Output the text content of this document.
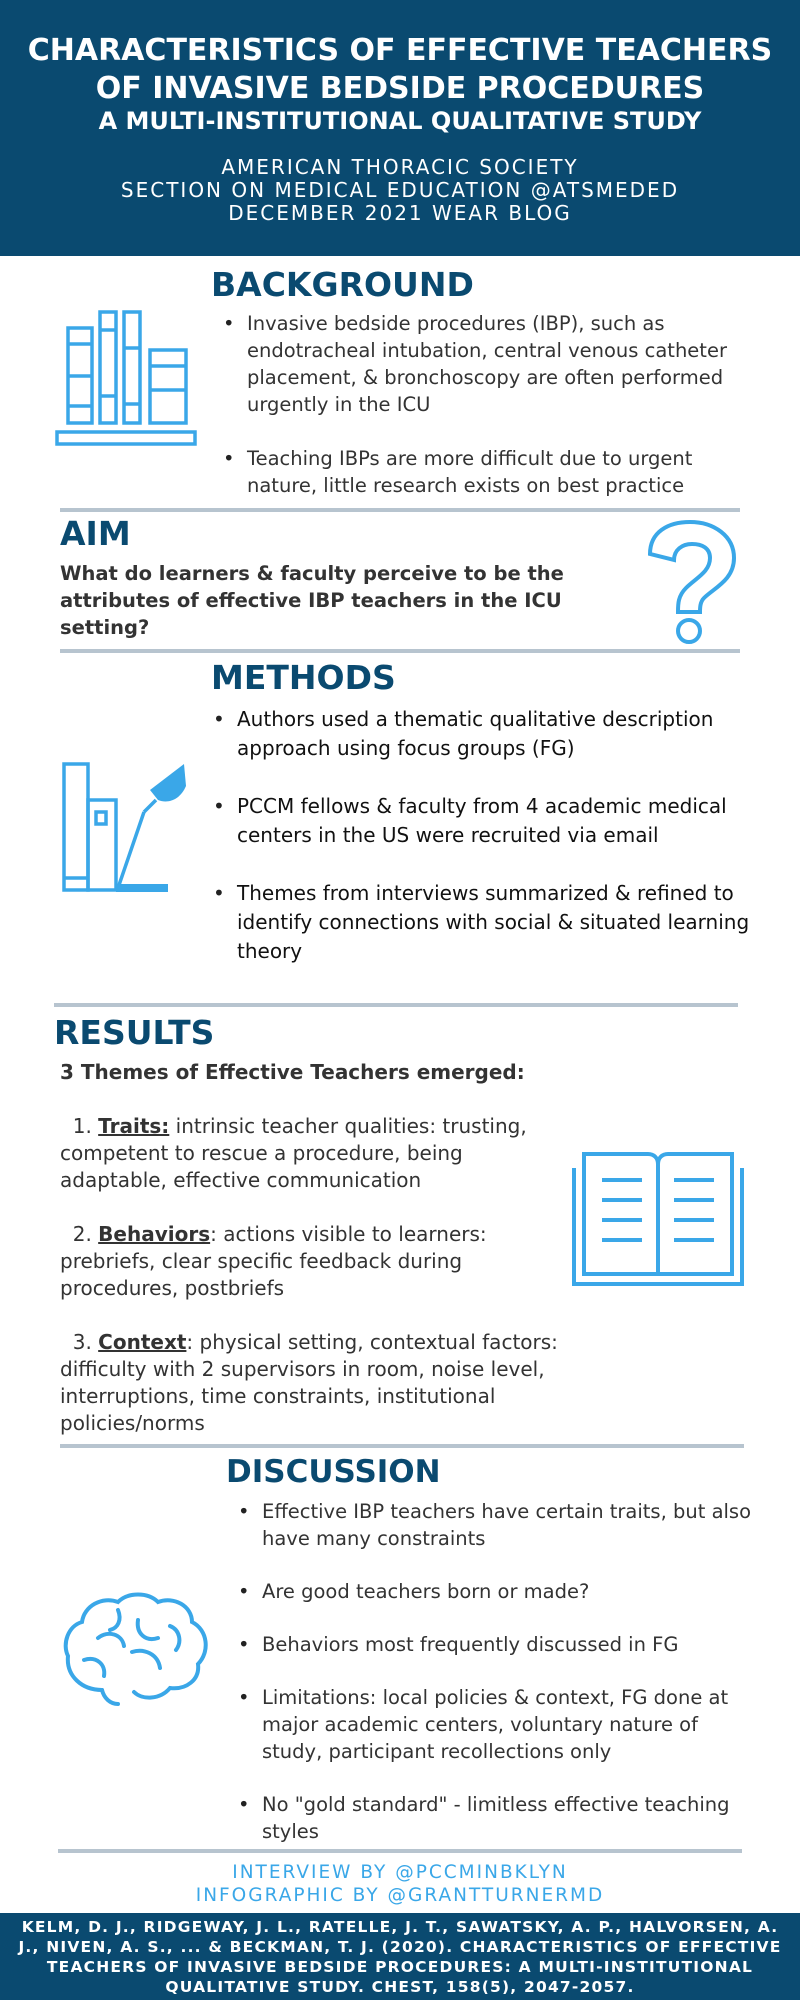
CHARACTERISTICS OF EFFECTIVE TEACHERS OF INVASIVE BEDSIDE PROCEDURES
A MULTI-INSTITUTIONAL QUALITATIVE STUDY
AMERICAN THORACIC SOCIETY
SECTION ON MEDICAL EDUCATION @ATSMEDED
DECEMBER 2021 WEAR BLOG
BACKGROUND
• Invasive bedside procedures (IBP), such as endotracheal intubation, central venous catheter placement, & bronchoscopy are often performed urgently in the ICU
• Teaching IBPs are more difficult due to urgent nature, little research exists on best practice
AIM
What do learners & faculty perceive to be the attributes of effective IBP teachers in the ICU setting?
METHODS
• Authors used a thematic qualitative description approach using focus groups (FG)
• PCCM fellows & faculty from 4 academic medical centers in the US were recruited via email
• Themes from interviews summarized & refined to identify connections with social & situated learning theory
RESULTS
3 Themes of Effective Teachers emerged:
1. Traits: intrinsic teacher qualities: trusting, competent to rescue a procedure, being adaptable, effective communication
2. Behaviors: actions visible to learners: prebriefs, clear specific feedback during procedures, postbriefs
3. Context: physical setting, contextual factors: difficulty with 2 supervisors in room, noise level, interruptions, time constraints, institutional policies/norms
DISCUSSION
• Effective IBP teachers have certain traits, but also have many constraints
• Are good teachers born or made?
• Behaviors most frequently discussed in FG
• Limitations: local policies & context, FG done at major academic centers, voluntary nature of study, participant recollections only
• No "gold standard" - limitless effective teaching styles
INTERVIEW BY @PCCMINBKLYN
INFOGRAPHIC BY @GRANTTURNERMD
KELM, D. J., RIDGEWAY, J. L., RATELLE, J. T., SAWATSKY, A. P., HALVORSEN, A. J., NIVEN, A. S., ... & BECKMAN, T. J. (2020). CHARACTERISTICS OF EFFECTIVE TEACHERS OF INVASIVE BEDSIDE PROCEDURES: A MULTI-INSTITUTIONAL QUALITATIVE STUDY. CHEST, 158(5), 2047-2057.
